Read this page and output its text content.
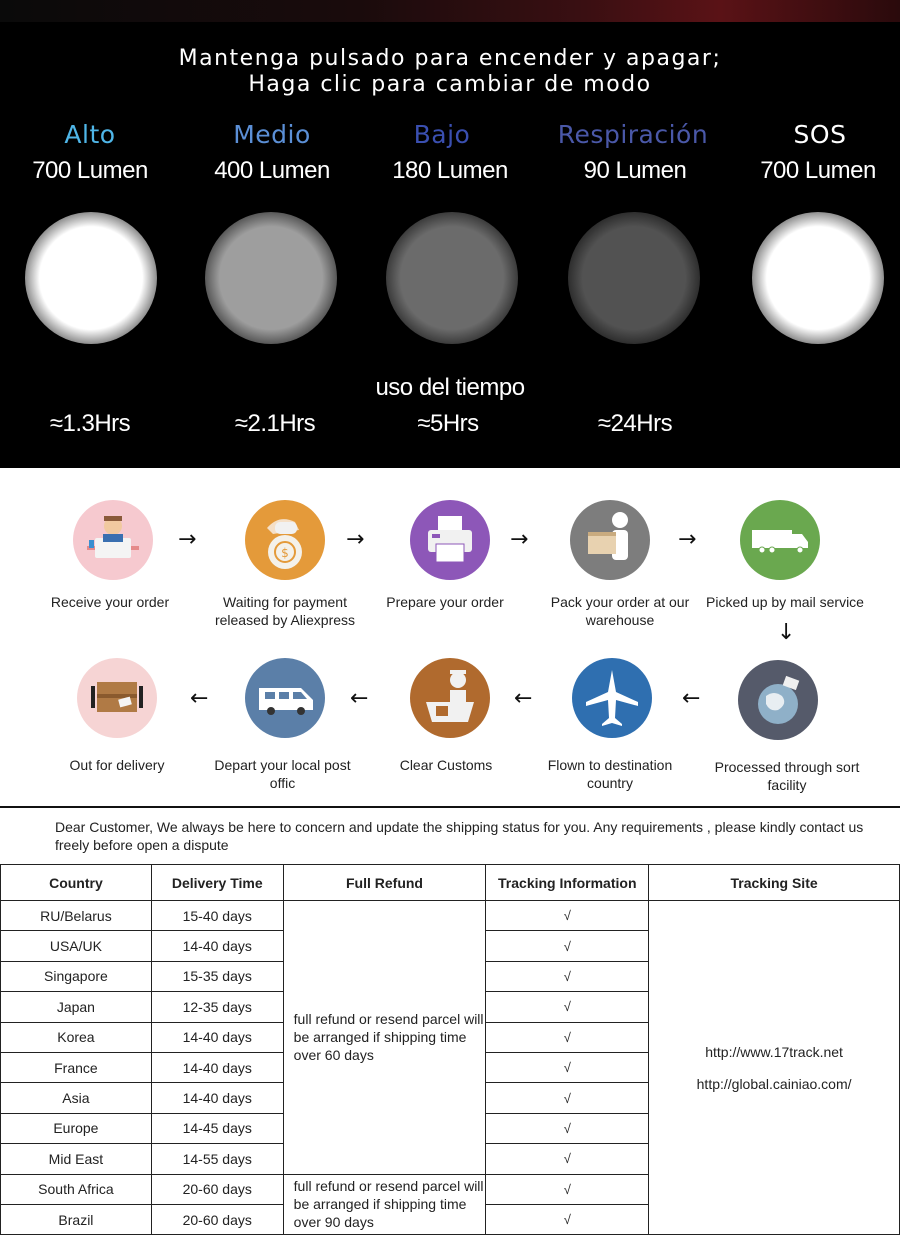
Mantenga pulsado para encender y apagar;
Haga clic para cambiar de modo
Alto	Medio	Bajo	Respiración	SOS
700 Lumen	400 Lumen	180 Lumen	90 Lumen	700 Lumen
uso del tiempo
≈1.3Hrs	≈2.1Hrs	≈5Hrs	≈24Hrs
$
→	→	→	→
↓
Receive your order	Waiting for payment released by Aliexpress
Prepare your order	Pack your order at our warehouse
Picked up by mail service
←	←	←	←
Out for delivery	Depart your local post offic
Clear Customs	Flown to destination country
Processed through sort facility
Dear Customer, We always be here to concern and update the shipping status for you. Any requirements , please kindly contact us freely before open a dispute
Country	Delivery Time	Full Refund	Tracking Information	Tracking Site
RU/Belarus	15-40 days	full refund or resend parcel will be arranged if shipping time over 60 days	√	http://www.17track.net
http://global.cainiao.com/

USA/UK	14-40 days		√	
Singapore	15-35 days		√	
Japan	12-35 days		√	
Korea	14-40 days		√	
France	14-40 days		√	
Asia	14-40 days		√	
Europe	14-45 days		√	
Mid East	14-55 days		√	
South Africa	20-60 days	full refund or resend parcel will be arranged if shipping time over 90 days	√	
Brazil	20-60 days		√	
